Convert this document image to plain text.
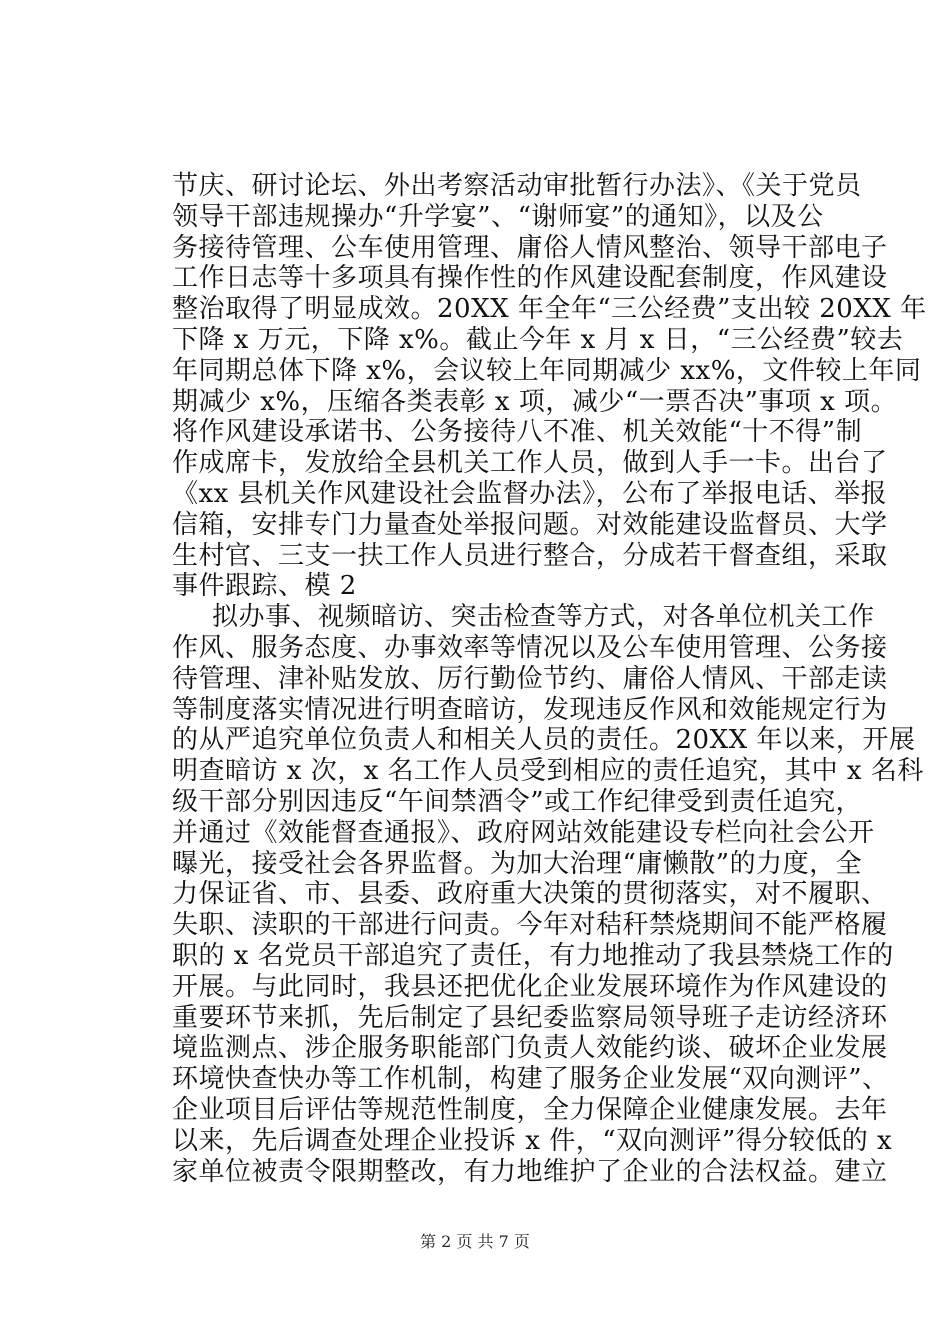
节庆、研讨论坛、外出考察活动审批暂行办法》、《关于党员
领导干部违规操办“升学宴”、“谢师宴”的通知》，以及公
务接待管理、公车使用管理、庸俗人情风整治、领导干部电子
工作日志等十多项具有操作性的作风建设配套制度，作风建设
整治取得了明显成效。20XX 年全年“三公经费”支出较 20XX 年
下降 x 万元，下降 x%。截止今年 x 月 x 日，“三公经费”较去
年同期总体下降 x%，会议较上年同期减少 xx%，文件较上年同
期减少 x%，压缩各类表彰 x 项，减少“一票否决”事项 x 项。
将作风建设承诺书、公务接待八不准、机关效能“十不得”制
作成席卡，发放给全县机关工作人员，做到人手一卡。出台了
《xx 县机关作风建设社会监督办法》，公布了举报电话、举报
信箱，安排专门力量查处举报问题。对效能建设监督员、大学
生村官、三支一扶工作人员进行整合，分成若干督查组，采取
事件跟踪、模 2
拟办事、视频暗访、突击检查等方式，对各单位机关工作
作风、服务态度、办事效率等情况以及公车使用管理、公务接
待管理、津补贴发放、厉行勤俭节约、庸俗人情风、干部走读
等制度落实情况进行明查暗访，发现违反作风和效能规定行为
的从严追究单位负责人和相关人员的责任。20XX 年以来，开展
明查暗访 x 次，x 名工作人员受到相应的责任追究，其中 x 名科
级干部分别因违反“午间禁酒令”或工作纪律受到责任追究，
并通过《效能督查通报》、政府网站效能建设专栏向社会公开
曝光，接受社会各界监督。为加大治理“庸懒散”的力度，全
力保证省、市、县委、政府重大决策的贯彻落实，对不履职、
失职、渎职的干部进行问责。今年对秸秆禁烧期间不能严格履
职的 x 名党员干部追究了责任，有力地推动了我县禁烧工作的
开展。与此同时，我县还把优化企业发展环境作为作风建设的
重要环节来抓，先后制定了县纪委监察局领导班子走访经济环
境监测点、涉企服务职能部门负责人效能约谈、破坏企业发展
环境快查快办等工作机制，构建了服务企业发展“双向测评”、
企业项目后评估等规范性制度，全力保障企业健康发展。去年
以来，先后调查处理企业投诉 x 件，“双向测评”得分较低的 x
家单位被责令限期整改，有力地维护了企业的合法权益。建立
第 2 页 共 7 页
